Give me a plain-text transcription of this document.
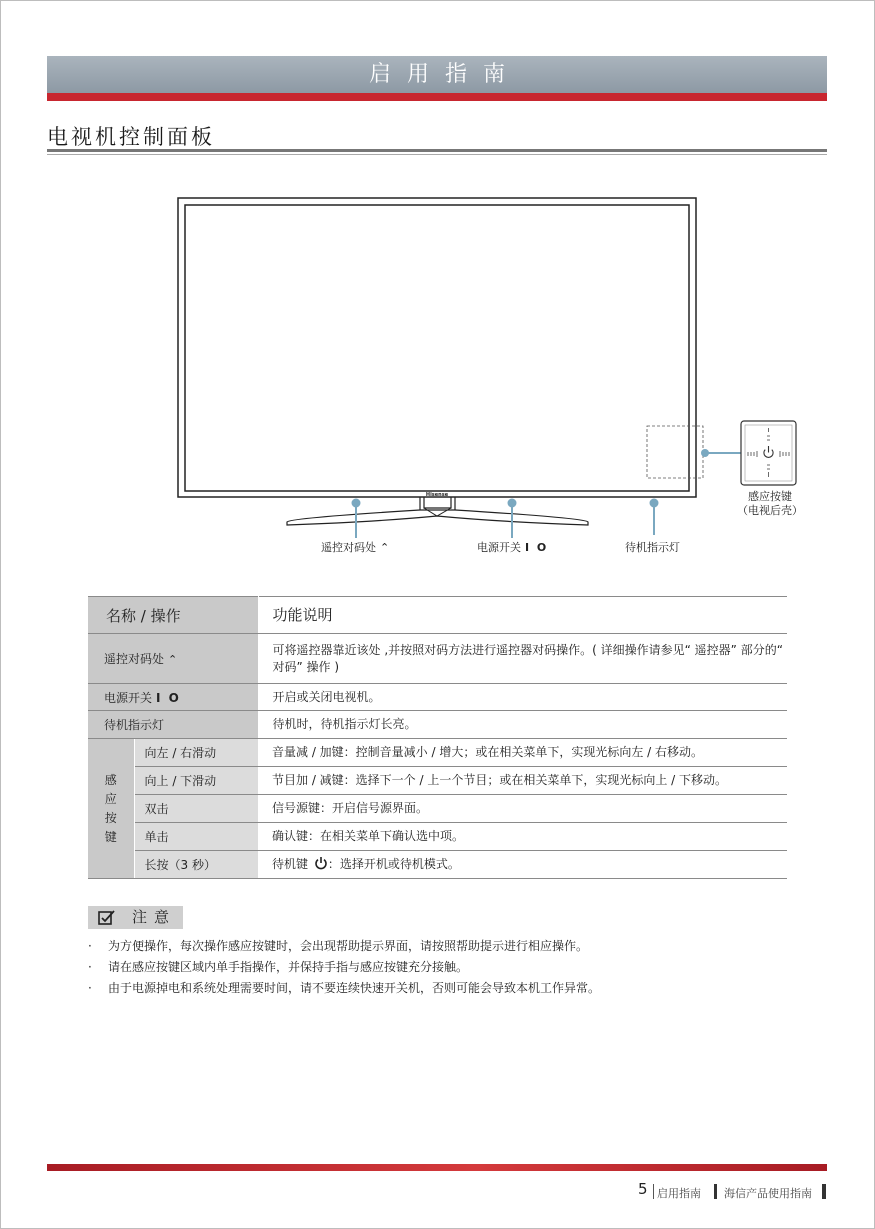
启用指南
电视机控制面板
Hisense
遥控对码处 ⌃	电源开关 I O	待机指示灯
感应按键
（电视后壳）
名称 / 操作		功能说明
遥控对码处 ⌃		可将遥控器靠近该处 ,并按照对码方法进行遥控器对码操作。( 详细操作请参见“ 遥控器” 部分的“ 对码” 操作 )
电源开关 I O		开启或关闭电视机。
待机指示灯		待机时，待机指示灯长亮。

感
应
按
键	向左 / 右滑动	音量减 / 加键：控制音量减小 / 增大；或在相关菜单下，实现光标向左 / 右移动。
	向上 / 下滑动	节目加 / 减键：选择下一个 / 上一个节目；或在相关菜单下，实现光标向上 / 下移动。
	双击	信号源键：开启信号源界面。
	单击	确认键：在相关菜单下确认选中项。
	长按（3 秒）	待机键 ：选择开机或待机模式。
注意
· 为方便操作，每次操作感应按键时，会出现帮助提示界面，请按照帮助提示进行相应操作。
· 请在感应按键区域内单手指操作，并保持手指与感应按键充分接触。
· 由于电源掉电和系统处理需要时间，请不要连续快速开关机，否则可能会导致本机工作异常。
5 启用指南 海信产品使用指南
